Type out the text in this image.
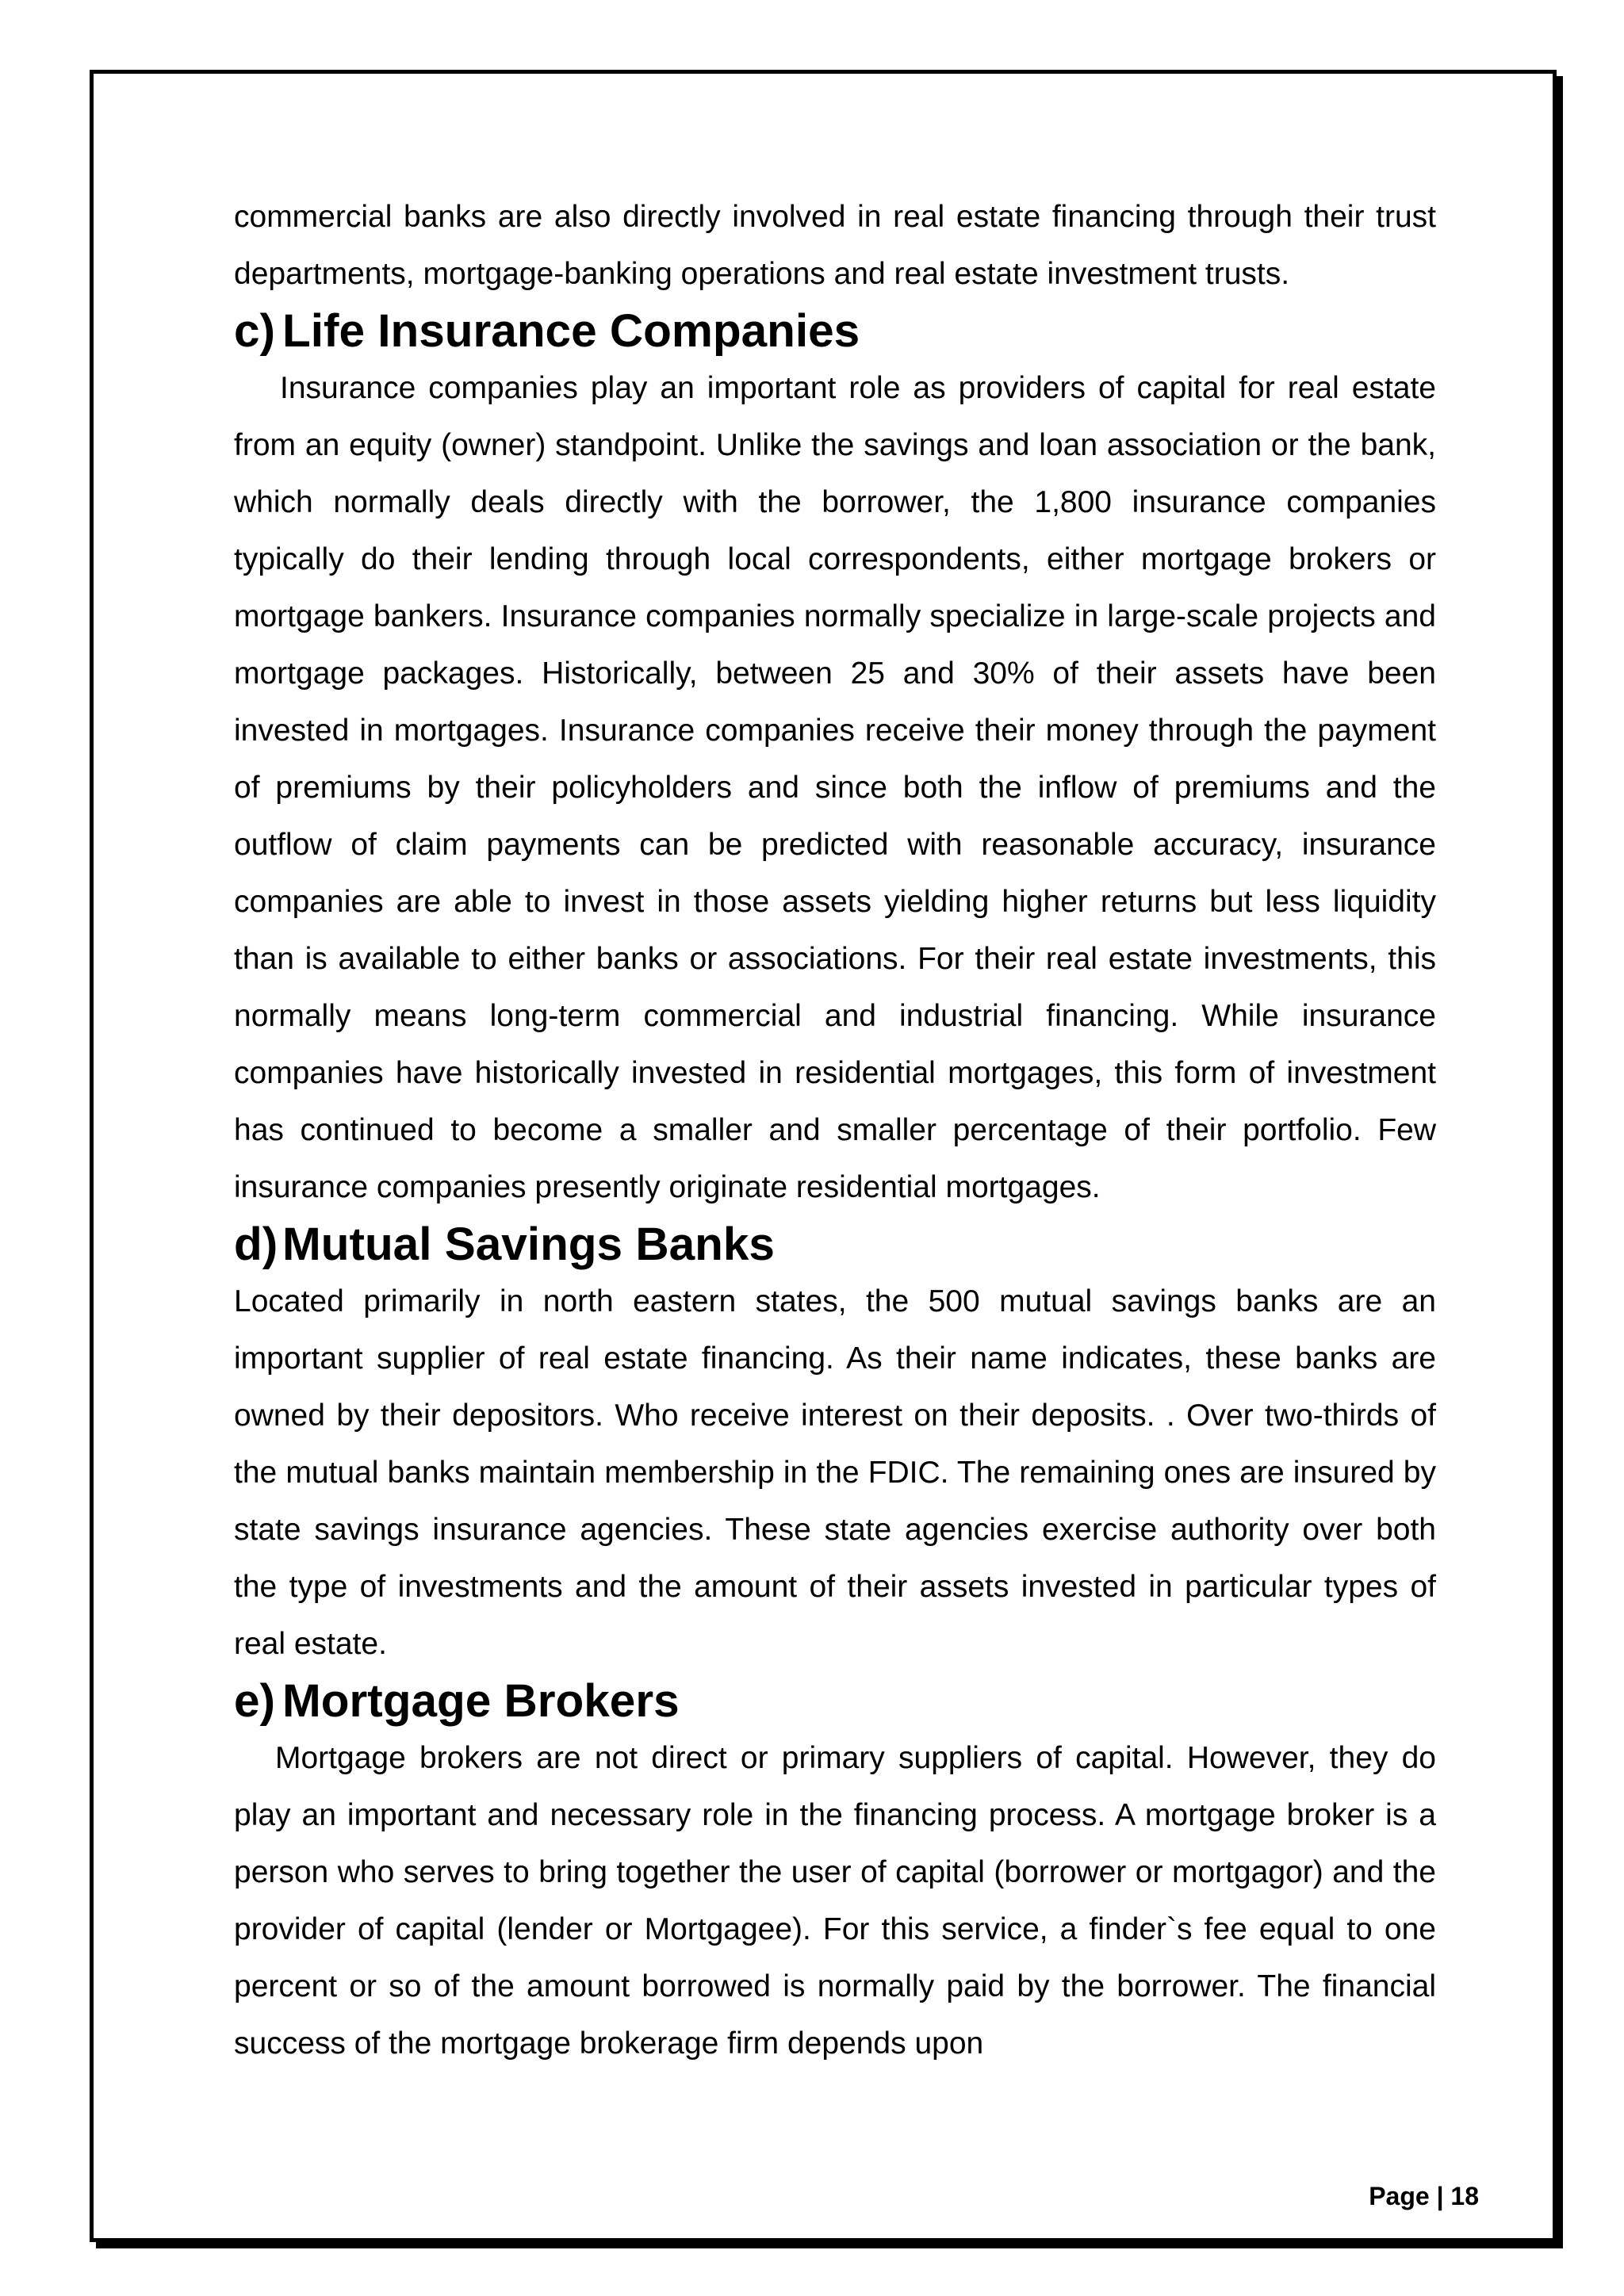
commercial banks are also directly involved in real estate financing through their trust departments, mortgage-banking operations and real estate investment trusts.

c) Life Insurance Companies

Insurance companies play an important role as providers of capital for real estate from an equity (owner) standpoint. Unlike the savings and loan association or the bank, which normally deals directly with the borrower, the 1,800 insurance companies typically do their lending through local correspondents, either mortgage brokers or mortgage bankers. Insurance companies normally specialize in large-scale projects and mortgage packages. Historically, between 25 and 30% of their assets have been invested in mortgages. Insurance companies receive their money through the payment of premiums by their policyholders and since both the inflow of premiums and the outflow of claim payments can be predicted with reasonable accuracy, insurance companies are able to invest in those assets yielding higher returns but less liquidity than is available to either banks or associations. For their real estate investments, this normally means long-term commercial and industrial financing. While insurance companies have historically invested in residential mortgages, this form of investment has continued to become a smaller and smaller percentage of their portfolio. Few insurance companies presently originate residential mortgages.

d) Mutual Savings Banks

Located primarily in north eastern states, the 500 mutual savings banks are an important supplier of real estate financing. As their name indicates, these banks are owned by their depositors. Who receive interest on their deposits. . Over two-thirds of the mutual banks maintain membership in the FDIC. The remaining ones are insured by state savings insurance agencies. These state agencies exercise authority over both the type of investments and the amount of their assets invested in particular types of real estate.

e) Mortgage Brokers

Mortgage brokers are not direct or primary suppliers of capital. However, they do play an important and necessary role in the financing process. A mortgage broker is a person who serves to bring together the user of capital (borrower or mortgagor) and the provider of capital (lender or Mortgagee). For this service, a finder`s fee equal to one percent or so of the amount borrowed is normally paid by the borrower. The financial success of the mortgage brokerage firm depends upon

Page | 18
